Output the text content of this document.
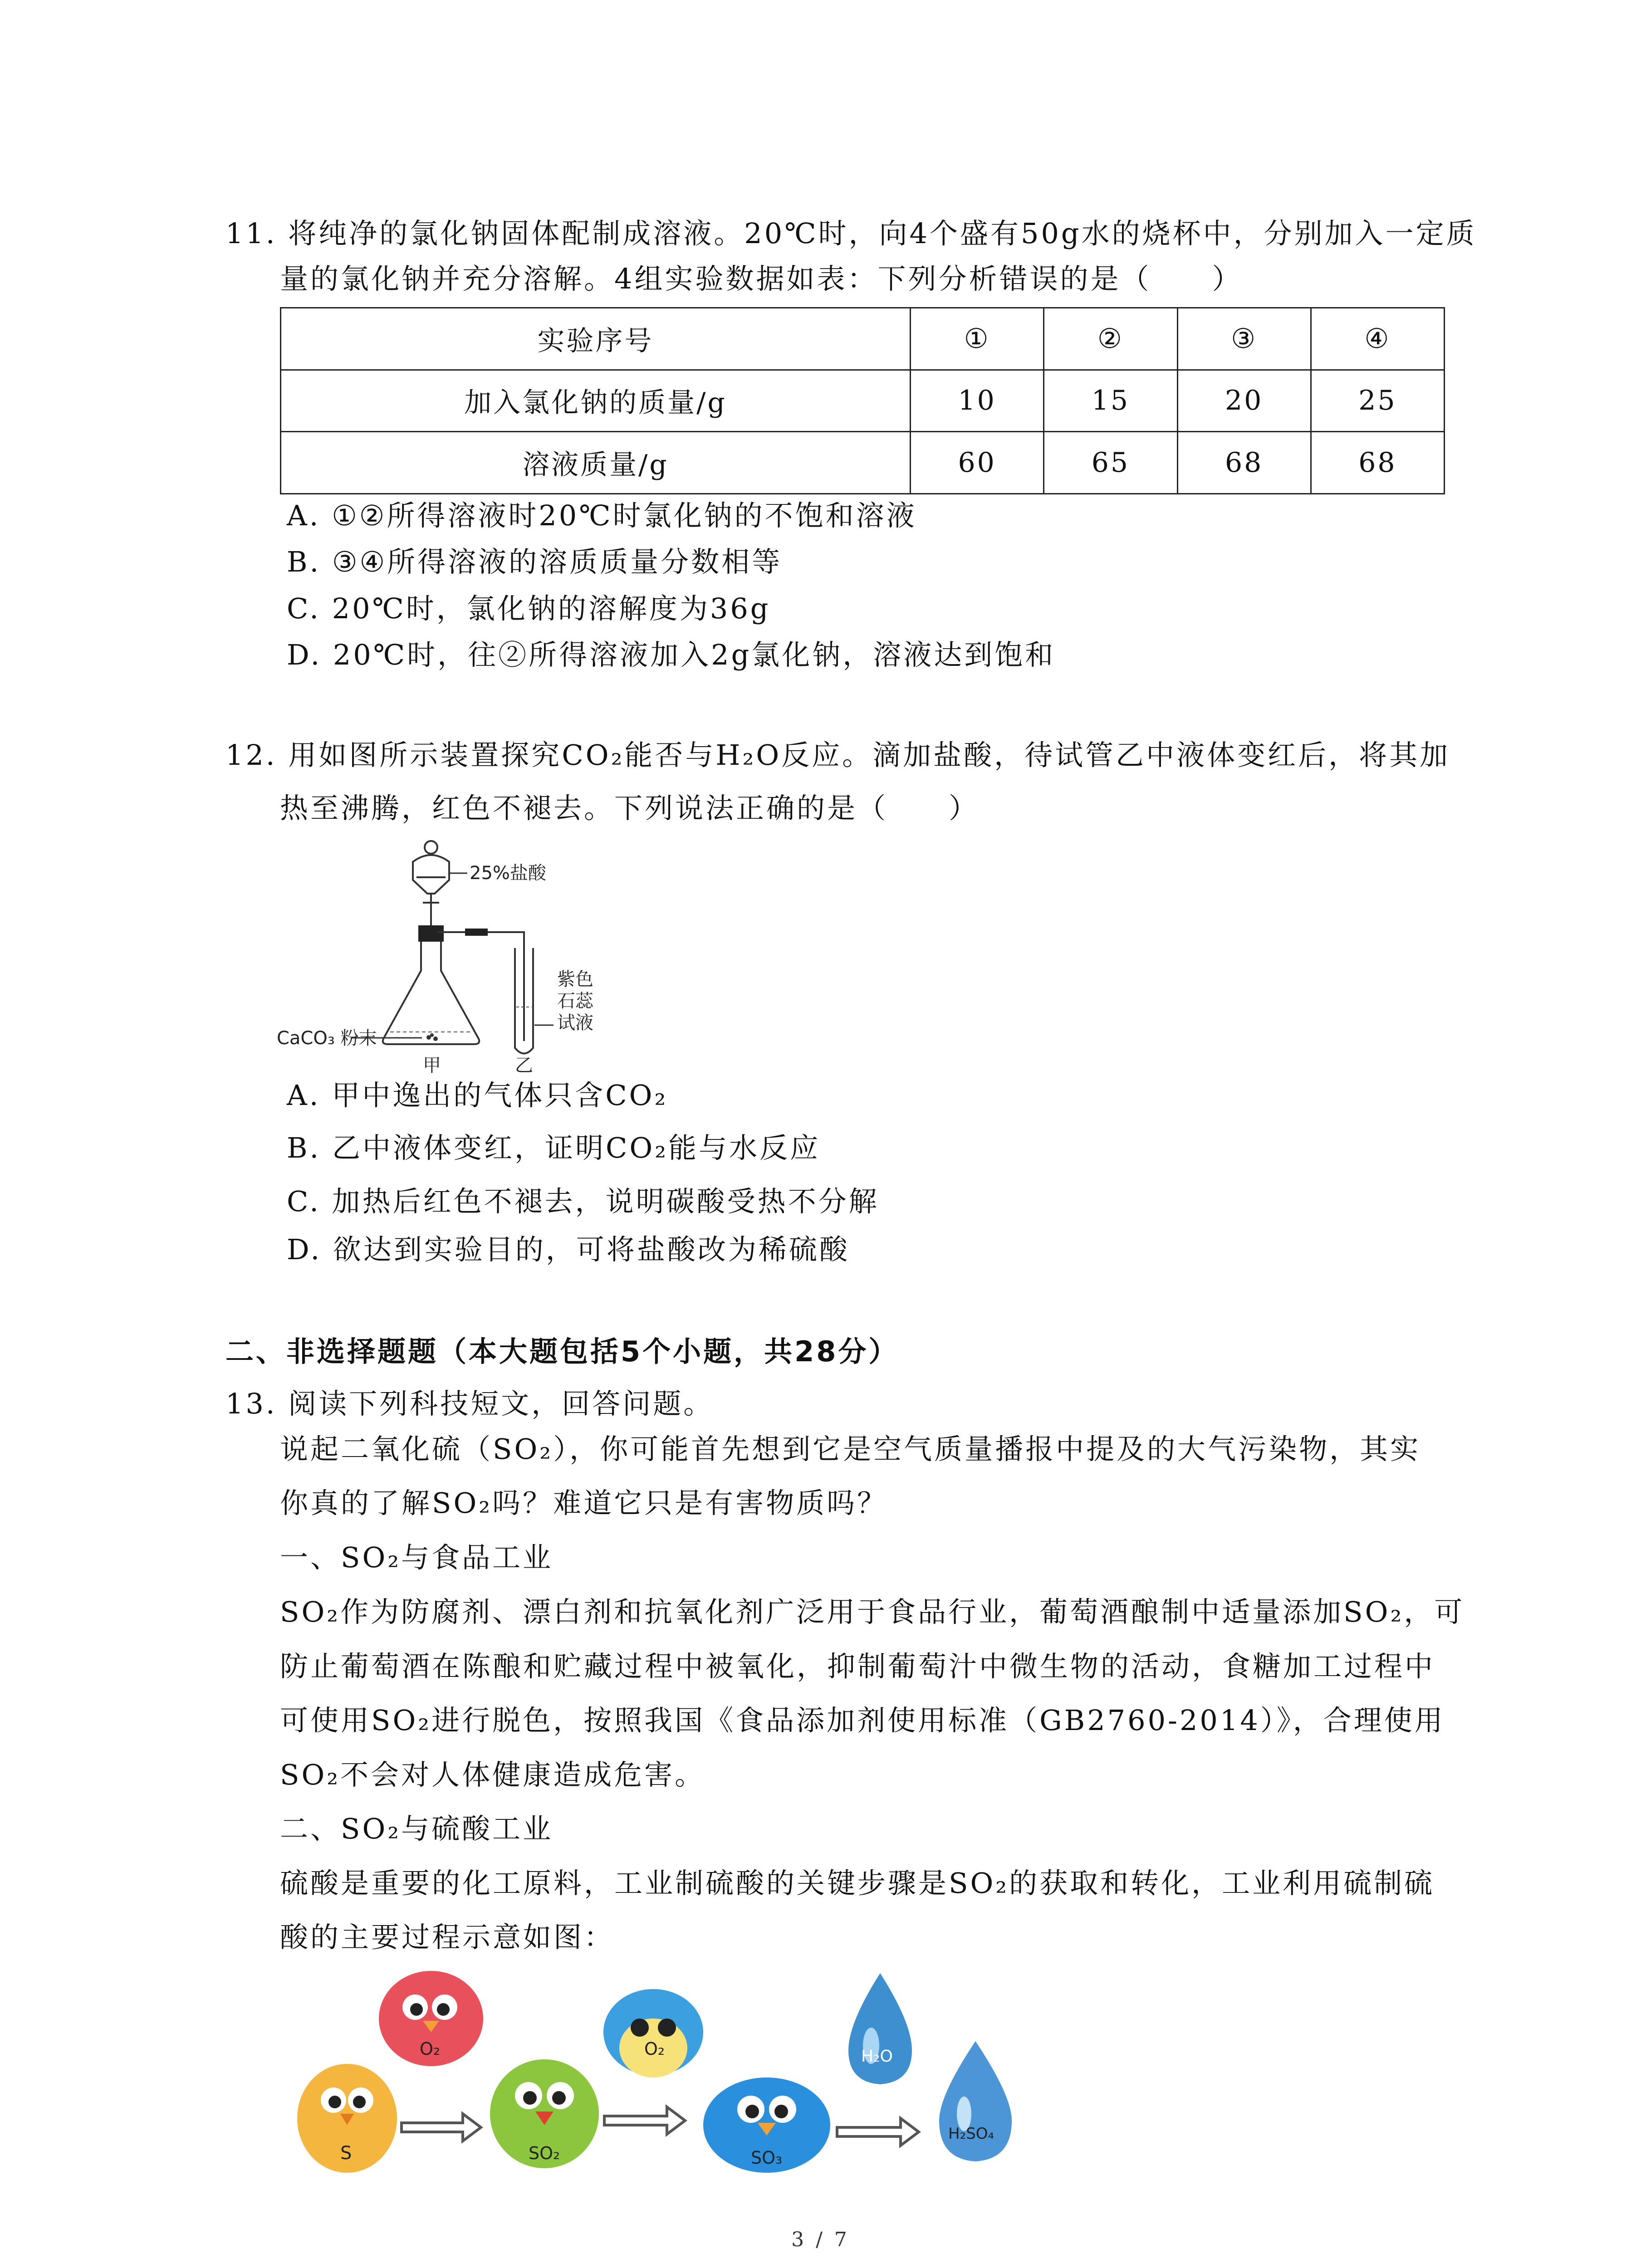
11. 将纯净的氯化钠固体配制成溶液。20℃时，向4个盛有50g水的烧杯中，分别加入一定质
量的氯化钠并充分溶解。4组实验数据如表：下列分析错误的是（　　）
实验序号	①	②	③	④
加入氯化钠的质量/g	10	15	20	25
溶液质量/g	60	65	68	68
A. ①②所得溶液时20℃时氯化钠的不饱和溶液
B. ③④所得溶液的溶质质量分数相等
C. 20℃时，氯化钠的溶解度为36g
D. 20℃时，往②所得溶液加入2g氯化钠，溶液达到饱和
12. 用如图所示装置探究CO₂能否与H₂O反应。滴加盐酸，待试管乙中液体变红后，将其加
热至沸腾，红色不褪去。下列说法正确的是（　　）
25%盐酸
CaCO₃ 粉末
紫色
石蕊
试液
甲	乙
A. 甲中逸出的气体只含CO₂
B. 乙中液体变红，证明CO₂能与水反应
C. 加热后红色不褪去，说明碳酸受热不分解
D. 欲达到实验目的，可将盐酸改为稀硫酸
二、非选择题题（本大题包括5个小题，共28分）
13. 阅读下列科技短文，回答问题。
说起二氧化硫（SO₂），你可能首先想到它是空气质量播报中提及的大气污染物，其实
你真的了解SO₂吗？难道它只是有害物质吗？
一、SO₂与食品工业
SO₂作为防腐剂、漂白剂和抗氧化剂广泛用于食品行业，葡萄酒酿制中适量添加SO₂，可
防止葡萄酒在陈酿和贮藏过程中被氧化，抑制葡萄汁中微生物的活动，食糖加工过程中
可使用SO₂进行脱色，按照我国《食品添加剂使用标准（GB2760-2014）》，合理使用
SO₂不会对人体健康造成危害。
二、SO₂与硫酸工业
硫酸是重要的化工原料，工业制硫酸的关键步骤是SO₂的获取和转化，工业利用硫制硫
酸的主要过程示意如图：
S
O₂
SO₂
O₂
SO₃
H₂O
H₂SO₄
3 / 7
